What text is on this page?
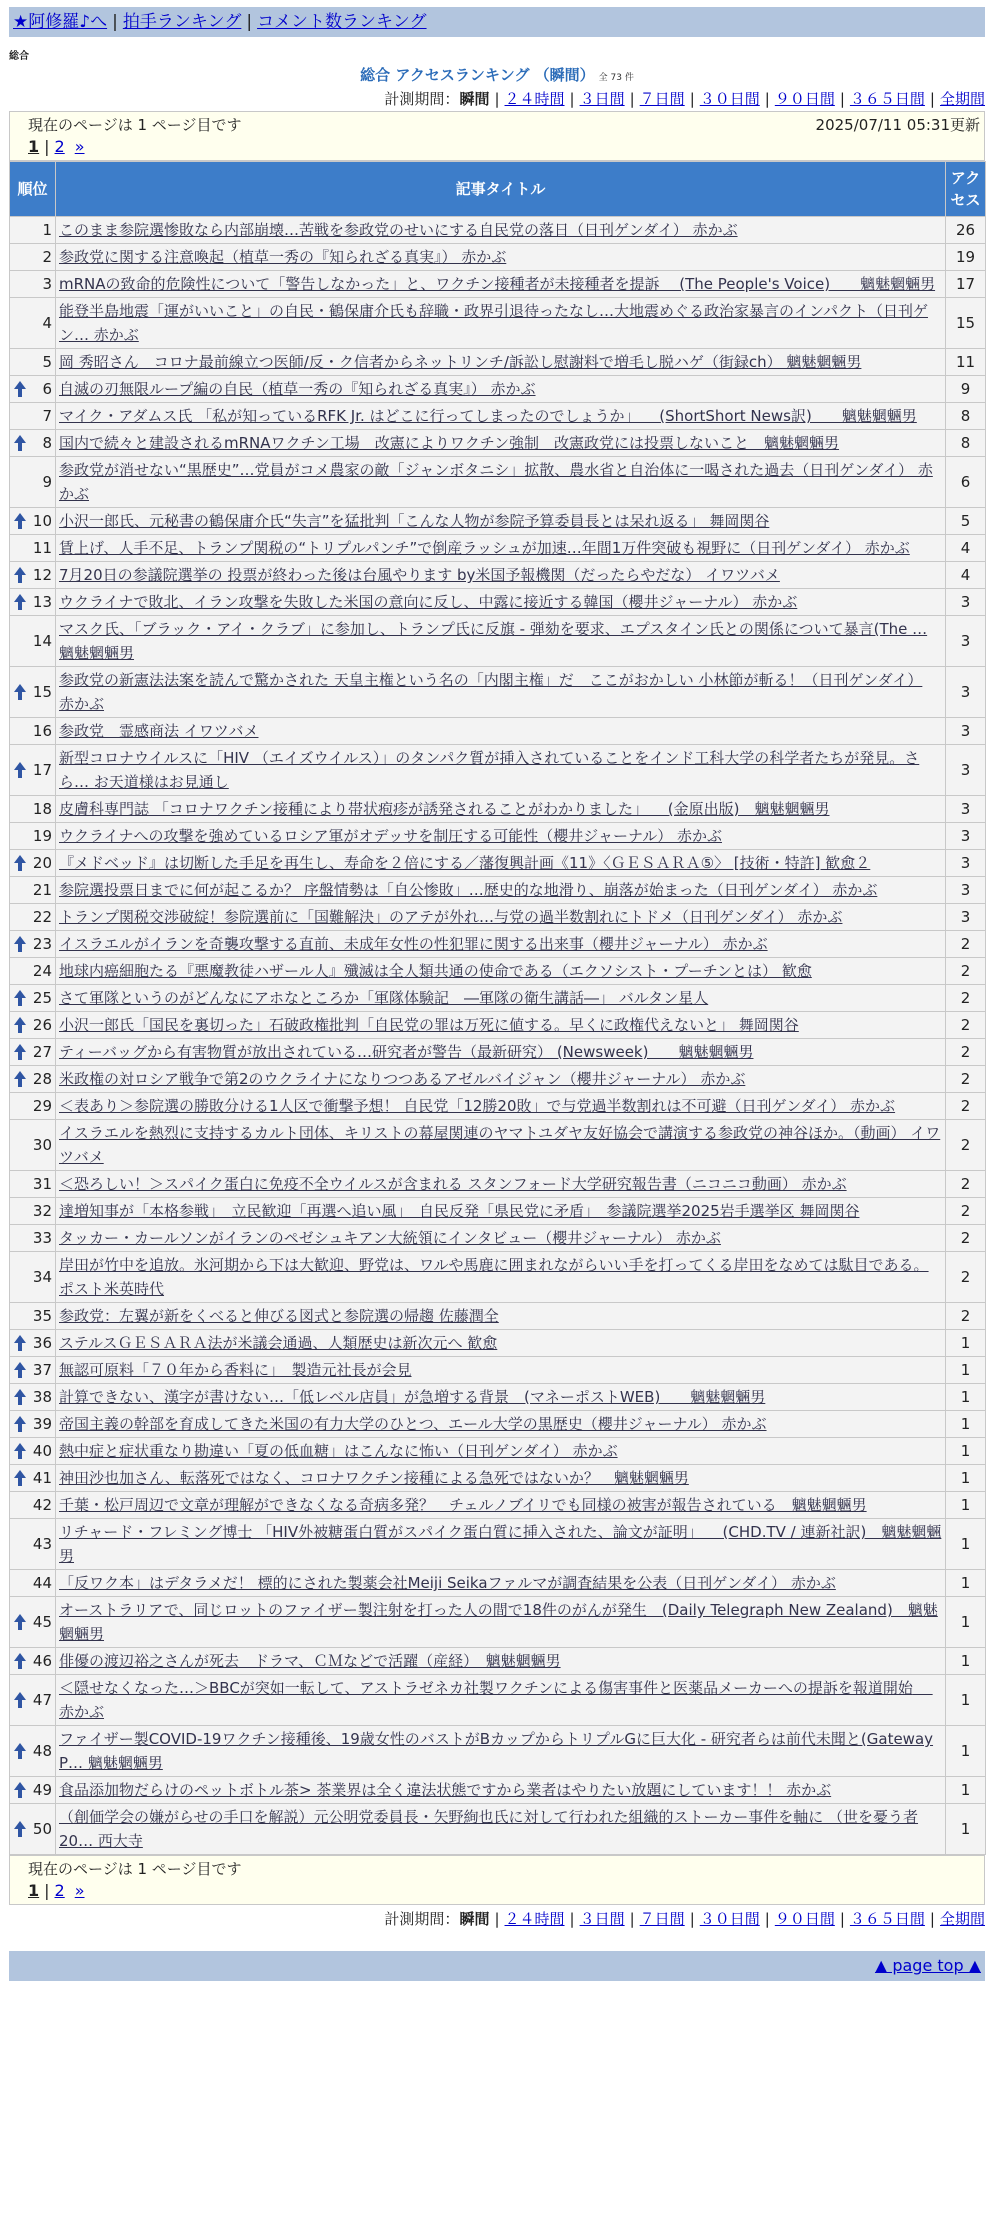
★阿修羅♪へ | 拍手ランキング | コメント数ランキング
総合
総合 アクセスランキング （瞬間） 全 73 件
計測期間：瞬間 | ２４時間 | ３日間 | ７日間 | ３０日間 | ９０日間 | ３６５日間 | 全期間
現在のページは 1 ページ目です	2025/07/11 05:31更新
1 | 2 »
順位	記事タイトル	アクセス
1	このまま参院選惨敗なら内部崩壊…苦戦を参政党のせいにする自民党の落日（日刊ゲンダイ） 赤かぶ	26
2	参政党に関する注意喚起（植草一秀の『知られざる真実』） 赤かぶ	19
3	mRNAの致命的危険性について「警告しなかった」と、ワクチン接種者が未接種者を提訴 　(The People's Voice)　　魑魅魍魎男	17
4	能登半島地震「運がいいこと」の自民・鶴保庸介氏も辞職・政界引退待ったなし…大地震めぐる政治家暴言のインパクト（日刊ゲン… 赤かぶ	15
5	岡 秀昭さん　コロナ最前線立つ医師/反・ク信者からネットリンチ/訴訟し慰謝料で増毛し脱ハゲ（街録ch） 魑魅魍魎男	11

6	自滅の刃無限ループ編の自民（植草一秀の『知られざる真実』） 赤かぶ	9
7	マイク・アダムス氏 「私が知っているRFK Jr. はどこに行ってしまったのでしょうか」 　(ShortShort News訳)　　魑魅魍魎男	8

8	国内で続々と建設されるmRNAワクチン工場　改憲によりワクチン強制　改憲政党には投票しないこと　魑魅魍魎男	8
9	参政党が消せない“黒歴史”…党員がコメ農家の敵「ジャンボタニシ」拡散、農水省と自治体に一喝された過去（日刊ゲンダイ） 赤かぶ	6

10	小沢一郎氏、元秘書の鶴保庸介氏“失言”を猛批判「こんな人物が参院予算委員長とは呆れ返る」 舞岡関谷	5
11	賃上げ、人手不足、トランプ関税の“トリプルパンチ”で倒産ラッシュが加速…年間1万件突破も視野に（日刊ゲンダイ） 赤かぶ	4

12	7月20日の参議院選挙の 投票が終わった後は台風やります by米国予報機関（だったらやだな） イワツバメ	4

13	ウクライナで敗北、イラン攻撃を失敗した米国の意向に反し、中露に接近する韓国（櫻井ジャーナル） 赤かぶ	3
14	マスク氏、「ブラック・アイ・クラブ」に参加し、トランプ氏に反旗 - 弾劾を要求、エプスタイン氏との関係について暴言(The … 魑魅魍魎男	3

15	参政党の新憲法法案を読んで驚かされた 天皇主権という名の「内閣主権」だ　ここがおかしい 小林節が斬る！（日刊ゲンダイ） 赤かぶ	3
16	参政党　霊感商法 イワツバメ	3

17	新型コロナウイルスに「HIV （エイズウイルス）」のタンパク質が挿入されていることをインド工科大学の科学者たちが発見。さら… お天道様はお見通し	3
18	皮膚科専門誌 「コロナワクチン接種により帯状疱疹が誘発されることがわかりました」 　(金原出版)　魑魅魍魎男	3
19	ウクライナへの攻撃を強めているロシア軍がオデッサを制圧する可能性（櫻井ジャーナル） 赤かぶ	3

20	『メドベッド』は切断した手足を再生し、寿命を２倍にする／藩復興計画《11》〈ＧＥＳＡＲＡ⑤〉 [技術・特許] 歓愈２	3
21	参院選投票日までに何が起こるか？ 序盤情勢は「自公惨敗」…歴史的な地滑り、崩落が始まった（日刊ゲンダイ） 赤かぶ	3
22	トランプ関税交渉破綻！参院選前に「国難解決」のアテが外れ…与党の過半数割れにトドメ（日刊ゲンダイ） 赤かぶ	3

23	イスラエルがイランを奇襲攻撃する直前、未成年女性の性犯罪に関する出来事（櫻井ジャーナル） 赤かぶ	2
24	地球内癌細胞たる『悪魔教徒ハザール人』殲滅は全人類共通の使命である（エクソシスト・プーチンとは） 歓愈	2

25	さて軍隊というのがどんなにアホなところか「軍隊体験記　―軍隊の衛生講話―」 バルタン星人	2

26	小沢一郎氏「国民を裏切った」石破政権批判「自民党の罪は万死に値する。早くに政権代えないと」 舞岡関谷	2

27	ティーバッグから有害物質が放出されている…研究者が警告（最新研究） (Newsweek)　　魑魅魍魎男	2

28	米政権の対ロシア戦争で第2のウクライナになりつつあるアゼルバイジャン（櫻井ジャーナル） 赤かぶ	2
29	＜表あり＞参院選の勝敗分ける1人区で衝撃予想！ 自民党「12勝20敗」で与党過半数割れは不可避（日刊ゲンダイ） 赤かぶ	2
30	イスラエルを熱烈に支持するカルト団体、キリストの幕屋関連のヤマトユダヤ友好協会で講演する参政党の神谷ほか。（動画） イワツバメ	2
31	＜恐ろしい！＞スパイク蛋白に免疫不全ウイルスが含まれる スタンフォード大学研究報告書（ニコニコ動画） 赤かぶ	2
32	達増知事が「本格参戦」　立民歓迎「再選へ追い風」　自民反発「県民党に矛盾」　参議院選挙2025岩手選挙区 舞岡関谷	2
33	タッカー・カールソンがイランのペゼシュキアン大統領にインタビュー（櫻井ジャーナル） 赤かぶ	2
34	岸田が竹中を追放。氷河期から下は大歓迎、野党は、ワルや馬鹿に囲まれながらいい手を打ってくる岸田をなめては駄目である。 ポスト米英時代	2
35	参政党：左翼が新をくべると伸びる図式と参院選の帰趨 佐藤潤全	2

36	ステルスＧＥＳＡＲＡ法が米議会通過、人類歴史は新次元へ 歓愈	1

37	無認可原料「７０年から香料に」　製造元社長が会見	1

38	計算できない、漢字が書けない…「低レベル店員」が急増する背景　(マネーポストWEB)　　魑魅魍魎男	1

39	帝国主義の幹部を育成してきた米国の有力大学のひとつ、エール大学の黒歴史（櫻井ジャーナル） 赤かぶ	1

40	熱中症と症状重なり勘違い「夏の低血糖」はこんなに怖い（日刊ゲンダイ） 赤かぶ	1

41	神田沙也加さん、転落死ではなく、コロナワクチン接種による急死ではないか？　魑魅魍魎男	1
42	千葉・松戸周辺で文章が理解ができなくなる奇病多発？　チェルノブイリでも同様の被害が報告されている　魑魅魍魎男	1
43	リチャード・フレミング博士 「HIV外被糖蛋白質がスパイク蛋白質に挿入された、論文が証明」 　(CHD.TV / 連新社訳)　魑魅魍魎男	1
44	「反ワク本」はデタラメだ！ 標的にされた製薬会社Meiji Seikaファルマが調査結果を公表（日刊ゲンダイ） 赤かぶ	1

45	オーストラリアで、同じロットのファイザー製注射を打った人の間で18件のがんが発生　(Daily Telegraph New Zealand)　魑魅魍魎男	1

46	俳優の渡辺裕之さんが死去　ドラマ、ＣＭなどで活躍（産経）　魑魅魍魎男	1

47	＜隠せなくなった…＞BBCが突如一転して、アストラゼネカ社製ワクチンによる傷害事件と医薬品メーカーへの提訴を報道開始　 赤かぶ	1

48	ファイザー製COVID-19ワクチン接種後、19歳女性のバストがBカップからトリプルGに巨大化 - 研究者らは前代未聞と(Gateway P… 魑魅魍魎男	1

49	食品添加物だらけのペットボトル茶> 茶業界は全く違法状態ですから業者はやりたい放題にしています！！ 赤かぶ	1

50	（創価学会の嫌がらせの手口を解説）元公明党委員長・矢野絢也氏に対して行われた組織的ストーカー事件を軸に （世を憂う者 20… 西大寺	1
現在のページは 1 ページ目です
1 | 2 »
計測期間：瞬間 | ２４時間 | ３日間 | ７日間 | ３０日間 | ９０日間 | ３６５日間 | 全期間
▲ page top ▲
